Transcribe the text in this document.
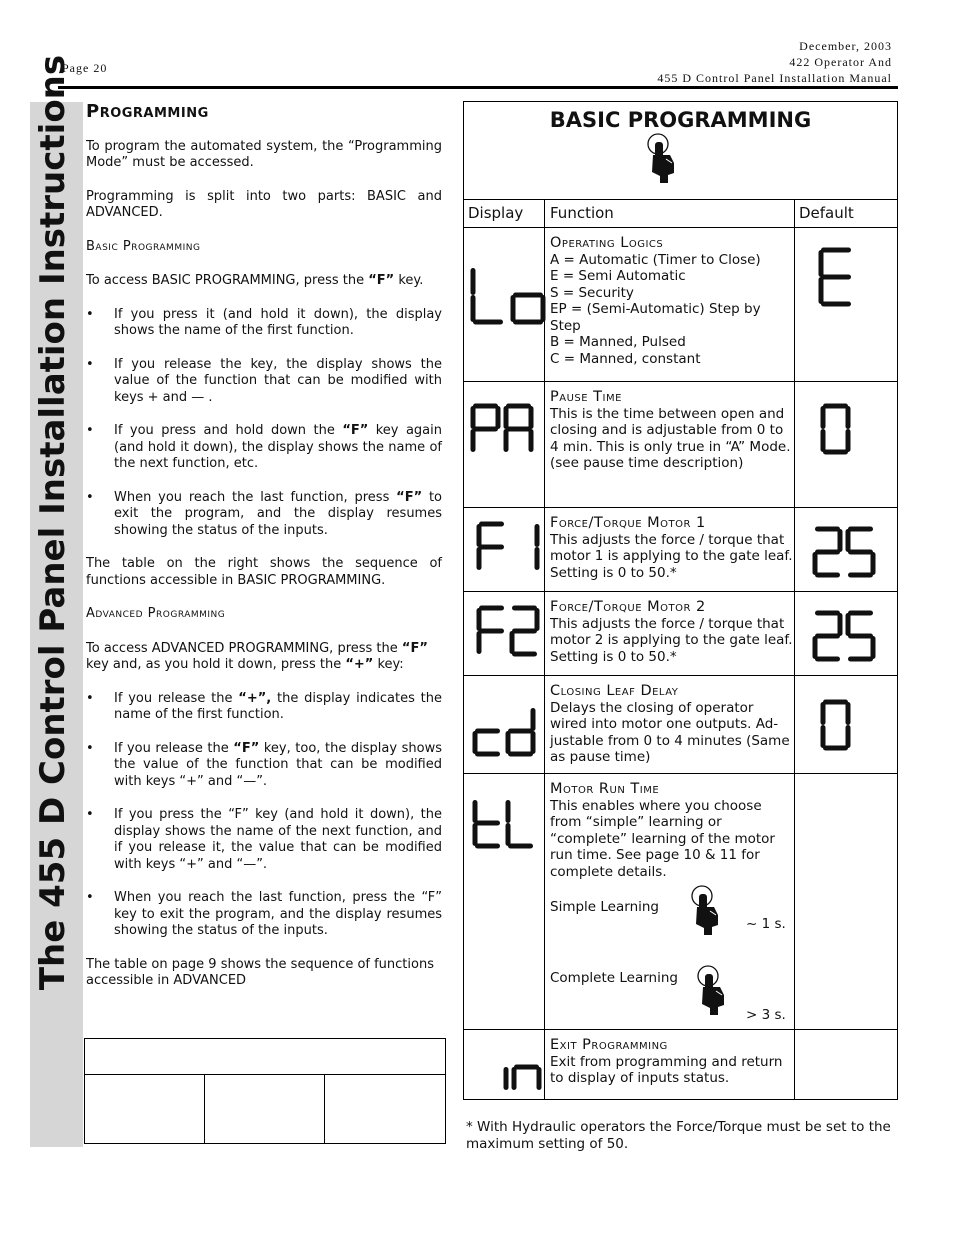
Page 20
December, 2003
422 Operator And
455 D Control Panel Installation Manual
The 455 D Control Panel Installation Instructions Programming
To program the automated system, the “Programming Mode” must be accessed.
Programming is split into two parts: BASIC and ADVANCED.
Basic Programming
To access BASIC PROGRAMMING, press the “F” key.
• If you press it (and hold it down), the display shows the name of the first function.
• If you release the key, the display shows the value of the function that can be modified with keys + and — .
• If you press and hold down the “F” key again (and hold it down), the display shows the name of the next function, etc.
• When you reach the last function, press “F” to exit the program, and the display resumes showing the status of the inputs.
The table on the right shows the sequence of functions accessible in BASIC PROGRAMMING.
Advanced Programming
To access ADVANCED PROGRAMMING, press the “F” key and, as you hold it down, press the “+” key:
• If you release the “+”, the display indicates the name of the first function.
• If you release the “F” key, too, the display shows the value of the function that can be modified with keys “+” and “—”.
• If you press the “F” key (and hold it down), the display shows the name of the next function, and if you release it, the value that can be modified with keys “+” and “—”.
• When you reach the last function, press the “F” key to exit the program, and the display resumes showing the status of the inputs.
The table on page 9 shows the sequence of functions accessible in ADVANCED
BASIC PROGRAMMING
Display Function	Default
Operating Logics
A = Automatic (Timer to Close)
E = Semi Automatic
S = Security
EP = (Semi-Automatic) Step by Step
B = Manned, Pulsed
C = Manned, constant
Pause Time
This is the time between open and closing and is adjustable from 0 to 4 min. This is only true in “A” Mode. (see pause time description)
Force/Torque Motor 1
This adjusts the force / torque that motor 1 is applying to the gate leaf. Setting is 0 to 50.*
Force/Torque Motor 2
This adjusts the force / torque that motor 2 is applying to the gate leaf. Setting is 0 to 50.*
Closing Leaf Delay
Delays the closing of operator wired into motor one outputs. Ad-justable from 0 to 4 minutes (Same as pause time)
Motor Run Time
This enables where you choose from “simple” learning or “complete” learning of the motor run time. See page 10 & 11 for complete details.
Simple Learning
~ 1 s.
Complete Learning
> 3 s.
Exit Programming
Exit from programming and return to display of inputs status.
* With Hydraulic operators the Force/Torque must be set to the maximum setting of 50.
